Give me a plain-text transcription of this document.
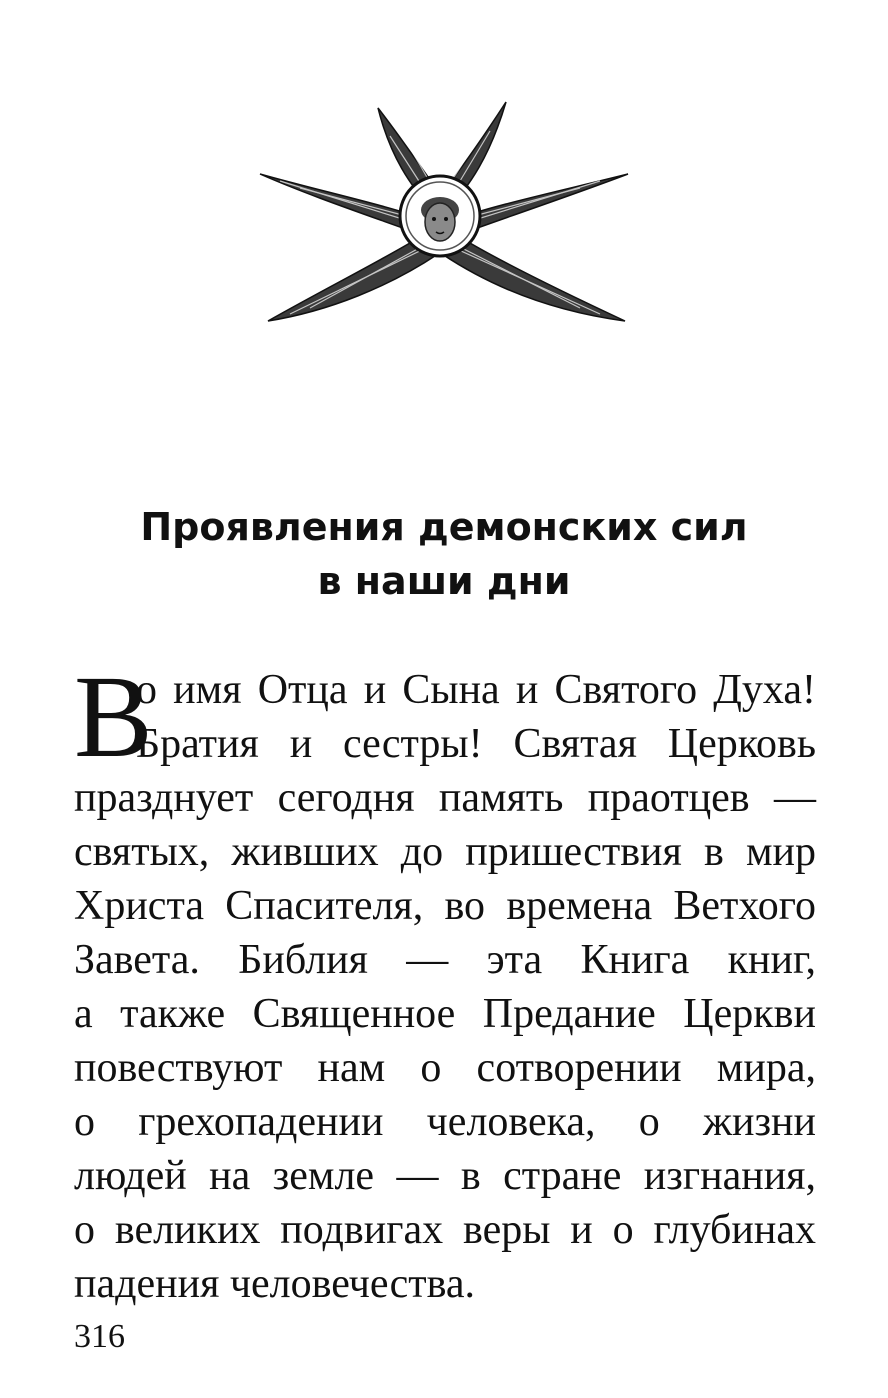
Проявления демонских сил
в наши дни
В
о имя Отца и Сына и Святого Духа!
Братия и сестры! Святая Церковь
празднует сегодня память праотцев —
святых, живших до пришествия в мир
Христа Спасителя, во времена Ветхого
Завета. Библия — эта Книга книг,
а также Священное Предание Церкви
повествуют нам о сотворении мира,
о грехопадении человека, о жизни
людей на земле — в стране изгнания,
о великих подвигах веры и о глубинах
падения человечества.
316
